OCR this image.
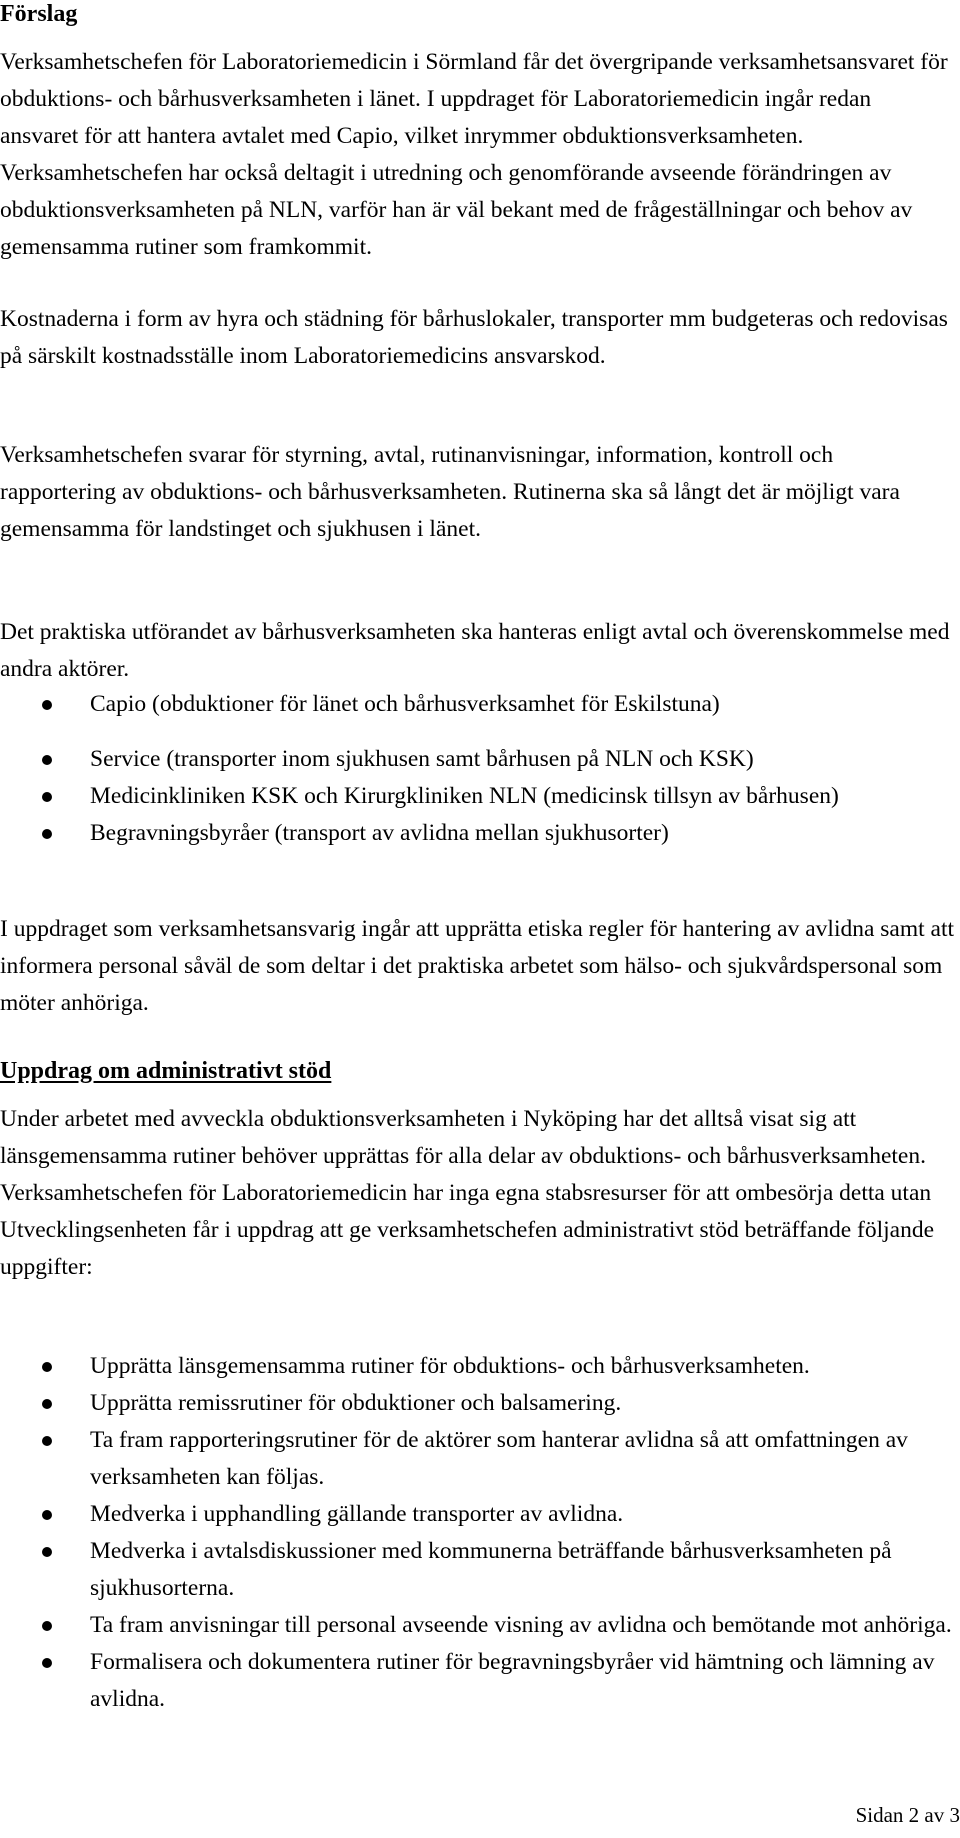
Förslag
Verksamhetschefen för Laboratoriemedicin i Sörmland får det övergripande verksamhetsansvaret för obduktions- och bårhusverksamheten i länet. I uppdraget för Laboratoriemedicin ingår redan ansvaret för att hantera avtalet med Capio, vilket inrymmer obduktionsverksamheten. Verksamhetschefen har också deltagit i utredning och genomförande avseende förändringen av obduktionsverksamheten på NLN, varför han är väl bekant med de frågeställningar och behov av gemensamma rutiner som framkommit.
Kostnaderna i form av hyra och städning för bårhuslokaler, transporter mm budgeteras och redovisas på särskilt kostnadsställe inom Laboratoriemedicins ansvarskod.
Verksamhetschefen svarar för styrning, avtal, rutinanvisningar, information, kontroll och rapportering av obduktions- och bårhusverksamheten. Rutinerna ska så långt det är möjligt vara gemensamma för landstinget och sjukhusen i länet.
Det praktiska utförandet av bårhusverksamheten ska hanteras enligt avtal och överenskommelse med andra aktörer.
Capio (obduktioner för länet och bårhusverksamhet för Eskilstuna)
Service (transporter inom sjukhusen samt bårhusen på NLN och KSK)
Medicinkliniken KSK och Kirurgkliniken NLN (medicinsk tillsyn av bårhusen)
Begravningsbyråer (transport av avlidna mellan sjukhusorter)
I uppdraget som verksamhetsansvarig ingår att upprätta etiska regler för hantering av avlidna samt att informera personal såväl de som deltar i det praktiska arbetet som hälso- och sjukvårdspersonal som möter anhöriga.
Uppdrag om administrativt stöd
Under arbetet med avveckla obduktionsverksamheten i Nyköping har det alltså visat sig att länsgemensamma rutiner behöver upprättas för alla delar av obduktions- och bårhusverksamheten. Verksamhetschefen för Laboratoriemedicin har inga egna stabsresurser för att ombesörja detta utan Utvecklingsenheten får i uppdrag att ge verksamhetschefen administrativt stöd beträffande följande uppgifter:
Upprätta länsgemensamma rutiner för obduktions- och bårhusverksamheten.
Upprätta remissrutiner för obduktioner och balsamering.
Ta fram rapporteringsrutiner för de aktörer som hanterar avlidna så att omfattningen av verksamheten kan följas.
Medverka i upphandling gällande transporter av avlidna.
Medverka i avtalsdiskussioner med kommunerna beträffande bårhusverksamheten på sjukhusorterna.
Ta fram anvisningar till personal avseende visning av avlidna och bemötande mot anhöriga.
Formalisera och dokumentera rutiner för begravningsbyråer vid hämtning och lämning av avlidna.
Sidan 2 av 3
